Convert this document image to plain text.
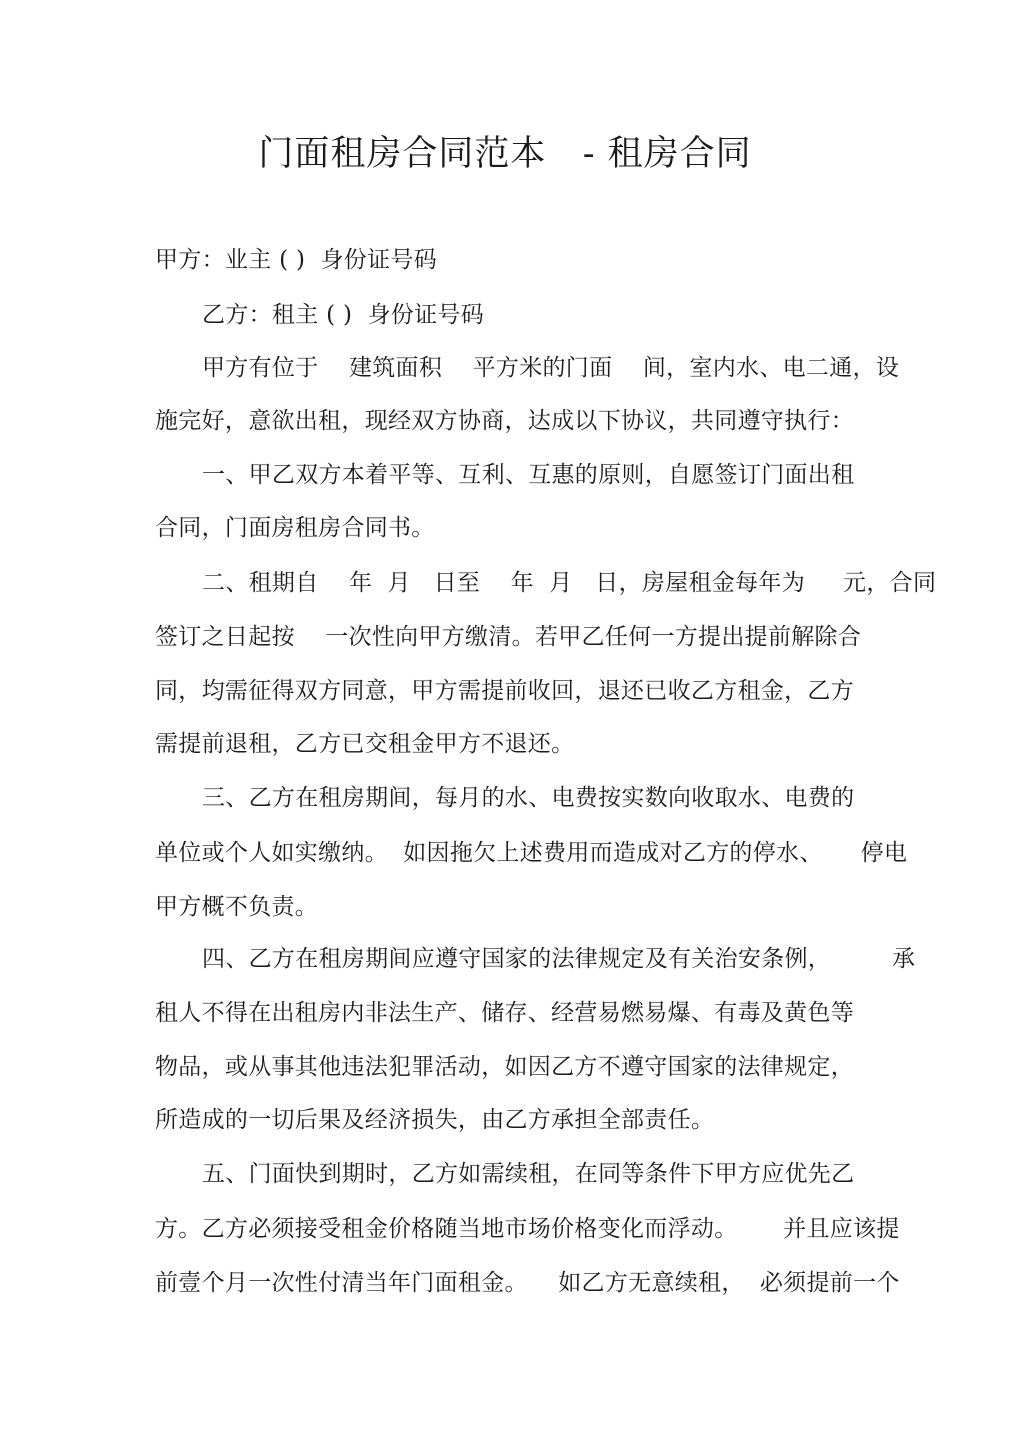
门面租房合同范本   - 租房合同
甲方：业主 ( )  身份证号码
乙方：租主 ( )  身份证号码
甲方有位于    建筑面积    平方米的门面    间，室内水、电二通，设
施完好，意欲出租，现经双方协商，达成以下协议，共同遵守执行：
一、甲乙双方本着平等、互利、互惠的原则，自愿签订门面出租
合同，门面房租房合同书。
二、租期自    年  月   日至    年  月   日，房屋租金每年为     元，合同
签订之日起按    一次性向甲方缴清。若甲乙任何一方提出提前解除合
同，均需征得双方同意，甲方需提前收回，退还已收乙方租金，乙方
需提前退租，乙方已交租金甲方不退还。
三、乙方在租房期间，每月的水、电费按实数向收取水、电费的
单位或个人如实缴纳。  如因拖欠上述费用而造成对乙方的停水、     停电
甲方概不负责。
四、乙方在租房期间应遵守国家的法律规定及有关治安条例，        承
租人不得在出租房内非法生产、储存、经营易燃易爆、有毒及黄色等
物品，或从事其他违法犯罪活动，如因乙方不遵守国家的法律规定，
所造成的一切后果及经济损失，由乙方承担全部责任。
五、门面快到期时，乙方如需续租，在同等条件下甲方应优先乙
方。乙方必须接受租金价格随当地市场价格变化而浮动。      并且应该提
前壹个月一次性付清当年门面租金。    如乙方无意续租，  必须提前一个
